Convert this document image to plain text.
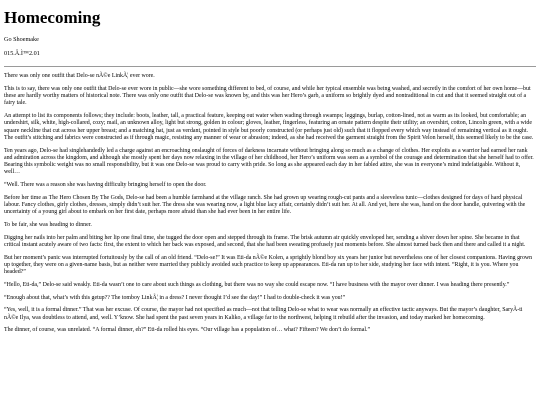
Homecoming

Go Shoemake

015.Â.Ì™2.01

There was only one outfit that Delo-se nÃ©e LinkÃ¦ ever wore.

This is to say, there was only one outfit that Delo-se ever wore in public—she wore something different to bed, of course, and while her typical ensemble was being washed, and secretly in the comfort of her own home—but these are hardly worthy matters of historical note. There was only one outfit that Delo-se was known by, and this was her Hero’s garb, a uniform so brightly dyed and nontraditional in cut and that it seemed straight out of a fairy tale.

An attempt to list its components follows; they include: boots, leather, tall, a practical feature, keeping out water when wading through swamps; leggings, burlap, cotton-lined, not as warm as its looked, but comfortable; an undershirt, silk, white, high-collared, cozy; mail, an unknown alloy, light but strong, golden in colour; gloves, leather, fingerless, featuring an ornate pattern despite their utility; an overshirt, cotton, Lincoln green, with a wide square neckline that cut across her upper breast; and a matching hat, just as verdant, pointed in style but poorly constructed (or perhaps just old) such that it flopped every which way instead of remaining vertical as it ought. The outfit’s stitching and fabrics were constructed as if through magic, resisting any manner of wear or abrasion; indeed, as she had received the garment straight from the Spirit Velon herself, this seemed likely to be the case.

Ten years ago, Delo-se had singlehandedly led a charge against an encroaching onslaught of forces of darkness incarnate without bringing along so much as a change of clothes. Her exploits as a warrior had earned her rank and admiration across the kingdom, and although she mostly spent her days now relaxing in the village of her childhood, her Hero’s uniform was seen as a symbol of the courage and determination that she herself had to offer. Bearing this symbolic weight was no small responsibility, but it was one Delo-se was proud to carry with pride. So long as she appeared each day in her fabled attire, she was in everyone’s mind indefatigable. Without it, well…

“Well. There was a reason she was having difficulty bringing herself to open the door.

Before her time as The Hero Chosen By The Gods, Delo-se had been a humble farmhand at the village ranch. She had grown up wearing rough-cut pants and a sleeveless tunic—clothes designed for days of hard physical labour. Fancy clothes, girly clothes, dresses, simply didn’t suit her. The dress she was wearing now, a light blue lacy affair, certainly didn’t suit her. At all. And yet, here she was, hand on the door handle, quivering with the uncertainty of a young girl about to embark on her first date, perhaps more afraid than she had ever been in her entire life.

To be fair, she was heading to dinner.

Digging her nails into her palm and biting her lip one final time, she tugged the door open and stepped through its frame. The brisk autumn air quickly enveloped her, sending a shiver down her spine. She became in that critical instant acutely aware of two facts: first, the extent to which her back was exposed, and second, that she had been sweating profusely just moments before. She almost turned back then and there and called it a night.

But her moment’s panic was interrupted fortuitously by the call of an old friend. “Delo-se!” It was Eti-da nÃ©e Kolen, a sprightly blond boy six years her junior but nevertheless one of her closest companions. Having grown up together, they were on a given-name basis, but as neither were married they publicly avoided such practice to keep up appearances. Eti-da ran up to her side, studying her face with intent. “Right, it is you. Where you headed?”

“Hello, Eti-da,” Delo-se said weakly. Eti-da wasn’t one to care about such things as clothing, but there was no way she could escape now. “I have business with the mayor over dinner. I was heading there presently.”

“Enough about that, what’s with this getup?? The tomboy LinkÃ¦ in a dress? I never thought I’d see the day!” I had to double-check it was you!”

“Yes, well, it is a formal dinner.” That was her excuse. Of course, the mayor had not specified as much—not that telling Delo-se what to wear was normally an effective tactic anyways. But the mayor’s daughter, SaryÃ-ti nÃ©e Ilya, was doubtless to attend, and, well. Y’know. She had spent the past seven years in Kaliko, a village far to the northwest, helping it rebuild after the invasion, and today marked her homecoming.

The dinner, of course, was unrelated. “A formal dinner, eh?” Eti-da rolled his eyes. “Our village has a population of… what? Fifteen? We don’t do formal.”
